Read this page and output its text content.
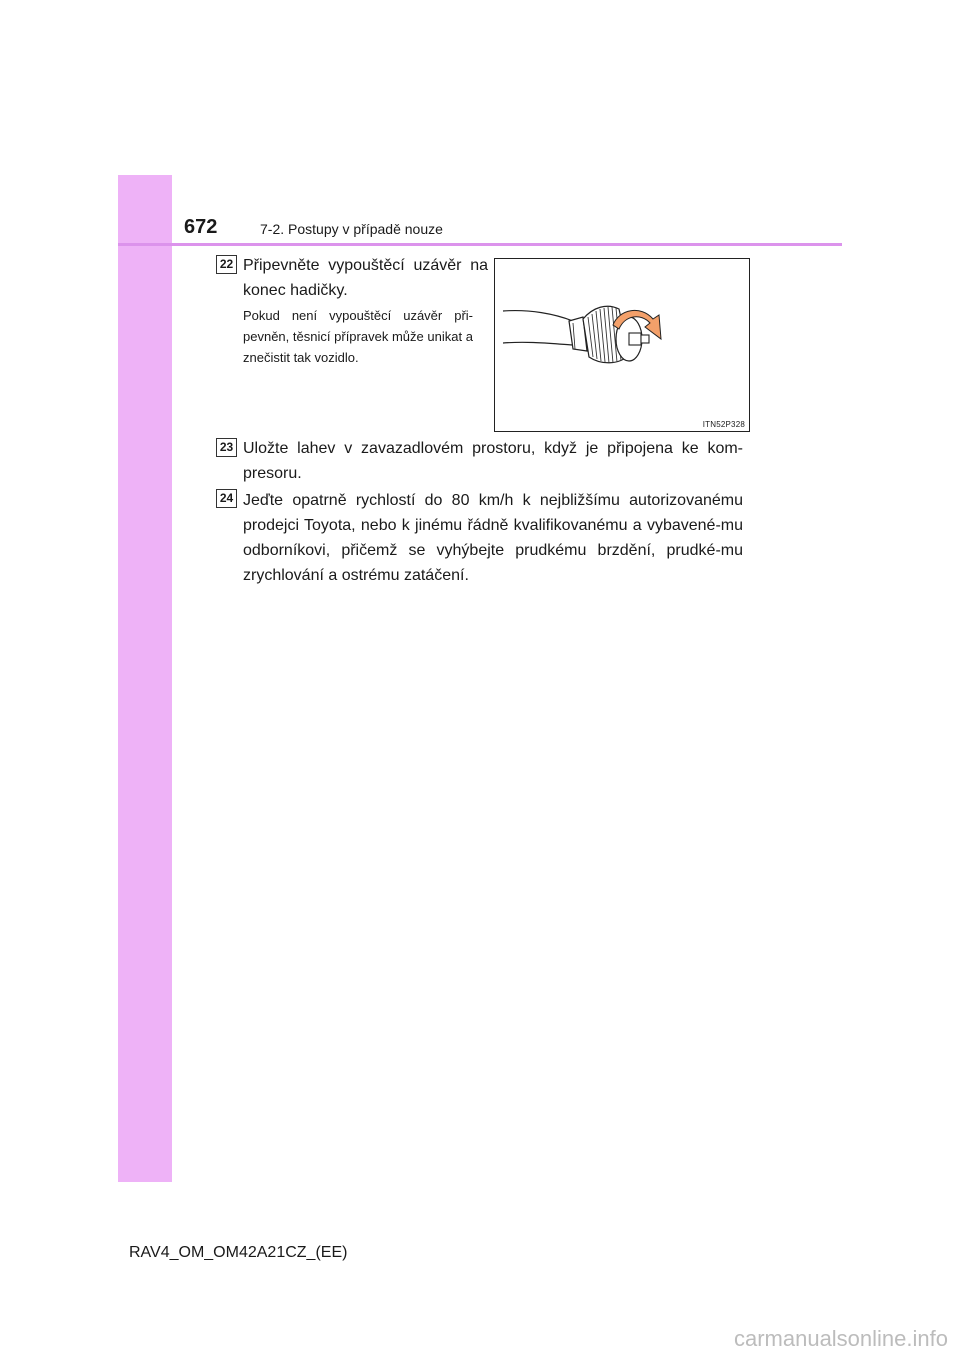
672	7-2. Postupy v případě nouze
22 Připevněte vypouštěcí uzávěr na konec hadičky.
Pokud není vypouštěcí uzávěr při-pevněn, těsnicí přípravek může unikat a znečistit tak vozidlo.
ITN52P328
23 Uložte lahev v zavazadlovém prostoru, když je připojena ke kom-presoru.
24 Jeďte opatrně rychlostí do 80 km/h k nejbližšímu autorizovanému prodejci Toyota, nebo k jinému řádně kvalifikovanému a vybavené-mu odborníkovi, přičemž se vyhýbejte prudkému brzdění, prudké-mu zrychlování a ostrému zatáčení.
RAV4_OM_OM42A21CZ_(EE)
carmanualsonline.info
